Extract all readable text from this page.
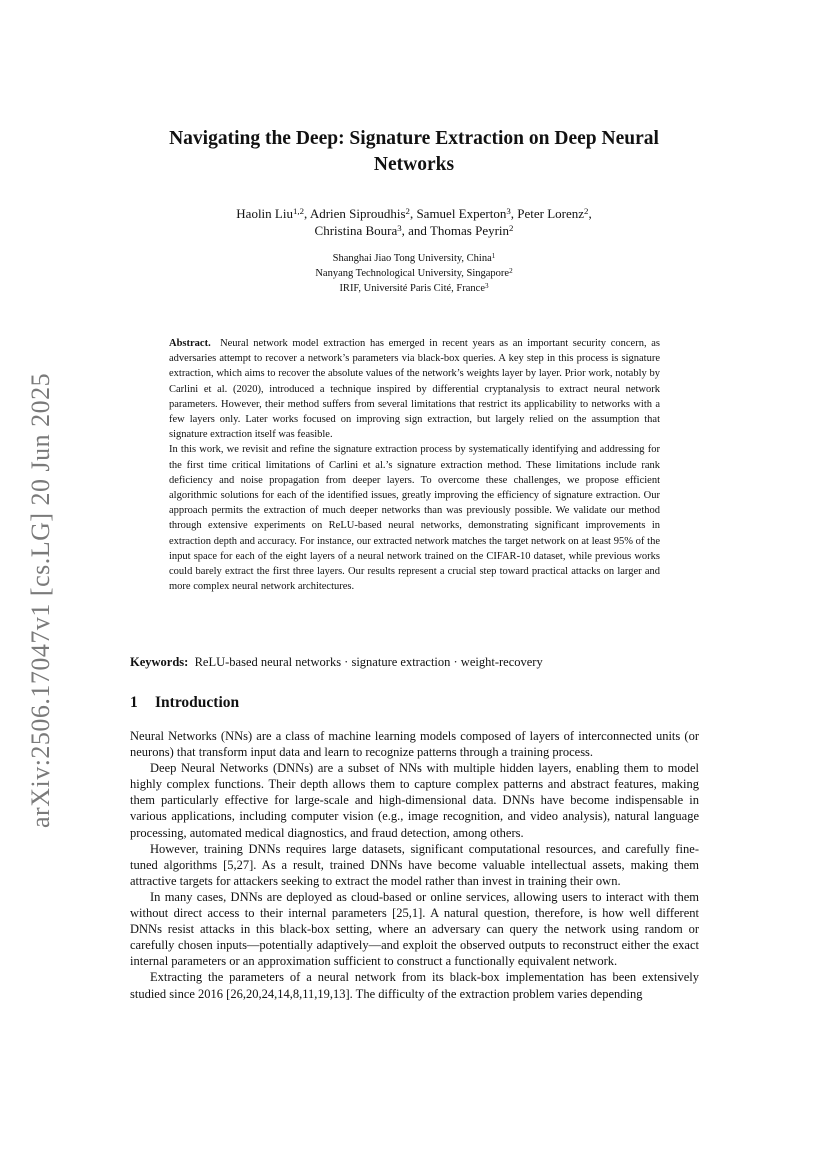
arXiv:2506.17047v1 [cs.LG] 20 Jun 2025
Navigating the Deep: Signature Extraction on Deep Neural Networks
Haolin Liu$^{1,2}$, Adrien Siproudhis$^2$, Samuel Experton$^3$, Peter Lorenz$^2$,
Christina Boura$^3$, and Thomas Peyrin$^2$
Shanghai Jiao Tong University, China$^1$
Nanyang Technological University, Singapore$^2$
IRIF, Université Paris Cité, France$^3$

Abstract. Neural network model extraction has emerged in recent years as an important security concern, as adversaries attempt to recover a network’s parameters via black-box queries. A key step in this process is signature extraction, which aims to recover the absolute values of the network’s weights layer by layer. Prior work, notably by Carlini et al. (2020), introduced a technique inspired by differential cryptanalysis to extract neural network parameters. However, their method suffers from several limitations that restrict its applicability to networks with a few layers only. Later works focused on improving sign extraction, but largely relied on the assumption that signature extraction itself was feasible.

In this work, we revisit and refine the signature extraction process by systematically identifying and addressing for the first time critical limitations of Carlini et al.’s signature extraction method. These limitations include rank deficiency and noise propagation from deeper layers. To overcome these challenges, we propose efficient algorithmic solutions for each of the identified issues, greatly improving the efficiency of signature extraction. Our approach permits the extraction of much deeper networks than was previously possible. We validate our method through extensive experiments on ReLU-based neural networks, demonstrating significant improvements in extraction depth and accuracy. For instance, our extracted network matches the target network on at least 95% of the input space for each of the eight layers of a neural network trained on the CIFAR-10 dataset, while previous works could barely extract the first three layers. Our results represent a crucial step toward practical attacks on larger and more complex neural network architectures.

Keywords: ReLU-based neural networks · signature extraction · weight-recovery
1 Introduction

Neural Networks (NNs) are a class of machine learning models composed of layers of interconnected units (or neurons) that transform input data and learn to recognize patterns through a training process.

Deep Neural Networks (DNNs) are a subset of NNs with multiple hidden layers, enabling them to model highly complex functions. Their depth allows them to capture complex patterns and abstract features, making them particularly effective for large-scale and high-dimensional data. DNNs have become indispensable in various applications, including computer vision (e.g., image recognition, and video analysis), natural language processing, automated medical diagnostics, and fraud detection, among others.

However, training DNNs requires large datasets, significant computational resources, and carefully fine-tuned algorithms [5,27]. As a result, trained DNNs have become valuable intellectual assets, making them attractive targets for attackers seeking to extract the model rather than invest in training their own.

In many cases, DNNs are deployed as cloud-based or online services, allowing users to interact with them without direct access to their internal parameters [25,1]. A natural question, therefore, is how well different DNNs resist attacks in this black-box setting, where an adversary can query the network using random or carefully chosen inputs—potentially adaptively—and exploit the observed outputs to reconstruct either the exact internal parameters or an approximation sufficient to construct a functionally equivalent network.

Extracting the parameters of a neural network from its black-box implementation has been extensively studied since 2016 [26,20,24,14,8,11,19,13]. The difficulty of the extraction problem varies depending
